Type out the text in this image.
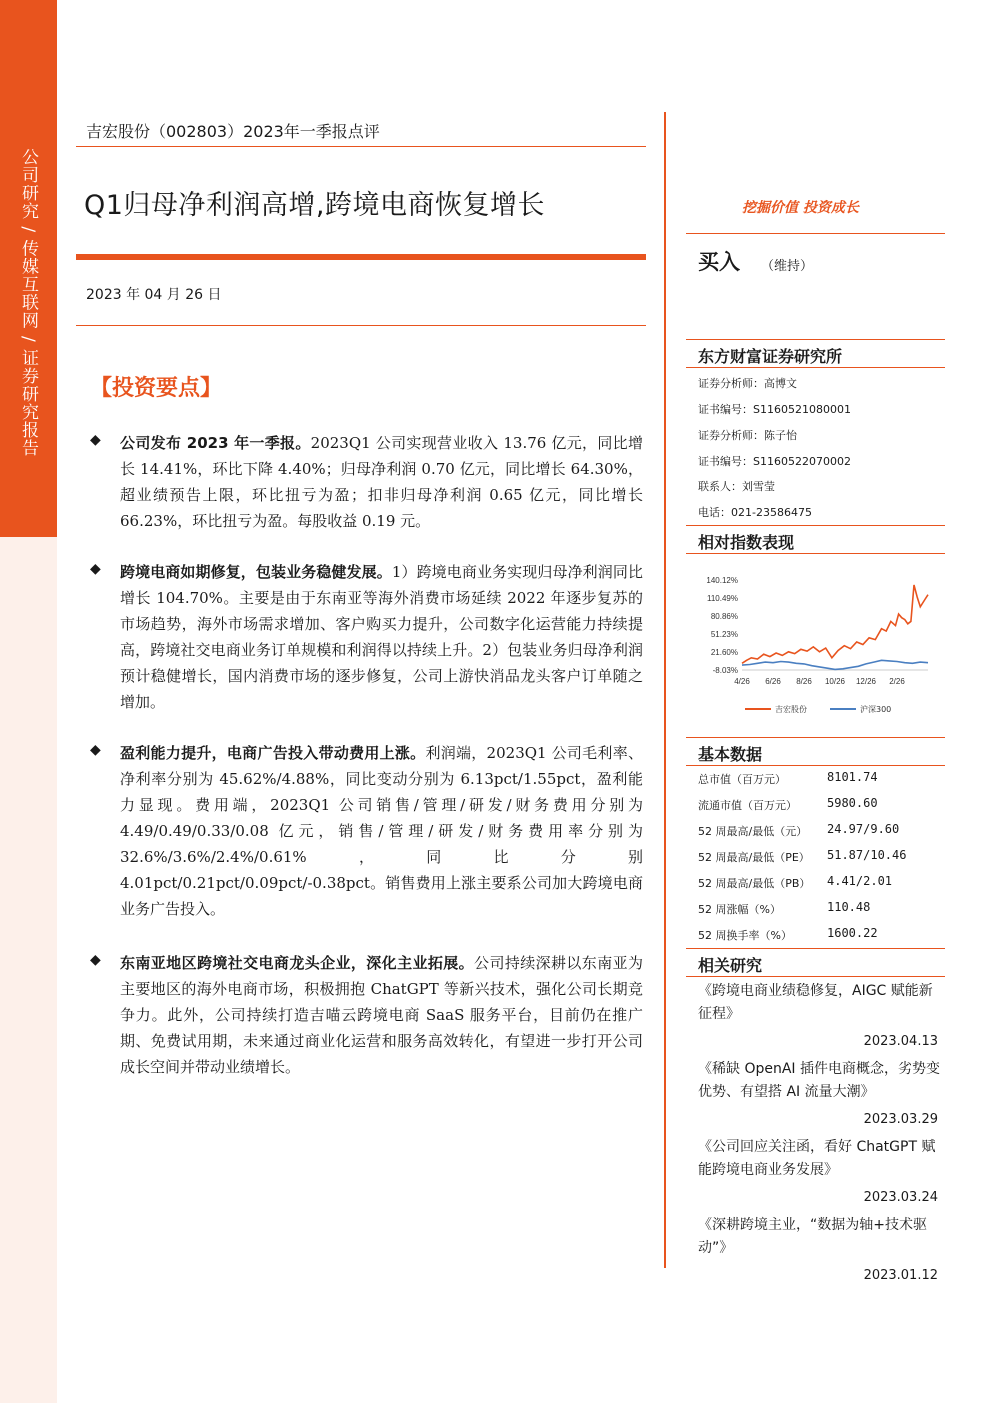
公司研究 / 传媒互联网 / 证券研究报告
吉宏股份（002803）2023年一季报点评
Q1归母净利润高增,跨境电商恢复增长
2023 年 04 月 26 日
【投资要点】
◆ 公司发布 2023 年一季报。2023Q1 公司实现营业收入 13.76 亿元，同比增长 14.41%，环比下降 4.40%；归母净利润 0.70 亿元，同比增长 64.30%，超业绩预告上限，环比扭亏为盈；扣非归母净利润 0.65 亿元，同比增长 66.23%，环比扭亏为盈。每股收益 0.19 元。
◆ 跨境电商如期修复，包装业务稳健发展。1）跨境电商业务实现归母净利润同比增长 104.70%。主要是由于东南亚等海外消费市场延续 2022 年逐步复苏的市场趋势，海外市场需求增加、客户购买力提升，公司数字化运营能力持续提高，跨境社交电商业务订单规模和利润得以持续上升。2）包装业务归母净利润预计稳健增长，国内消费市场的逐步修复，公司上游快消品龙头客户订单随之增加。
◆ 盈利能力提升，电商广告投入带动费用上涨。利润端，2023Q1 公司毛利率、净利率分别为 45.62%/4.88%，同比变动分别为 6.13pct/1.55pct，盈利能力显现。费用端，2023Q1 公司销售/管理/研发/财务费用分别为 4.49/0.49/0.33/0.08 亿元，销售/管理/研发/财务费用率分别为 32.6%/3.6%/2.4%/0.61%，同比分别 4.01pct/0.21pct/0.09pct/-0.38pct。销售费用上涨主要系公司加大跨境电商业务广告投入。
◆ 东南亚地区跨境社交电商龙头企业，深化主业拓展。公司持续深耕以东南亚为主要地区的海外电商市场，积极拥抱 ChatGPT 等新兴技术，强化公司长期竞争力。此外，公司持续打造吉喵云跨境电商 SaaS 服务平台，目前仍在推广期、免费试用期，未来通过商业化运营和服务高效转化，有望进一步打开公司成长空间并带动业绩增长。
挖掘价值 投资成长
买入 （维持）
东方财富证券研究所
证券分析师：高博文
证书编号：S1160521080001
证券分析师：陈子怡
证书编号：S1160522070002
联系人：刘雪莹
电话：021-23586475
相对指数表现
140.12%
110.49%
80.86%
51.23%
21.60%
-8.03%
4/26 6/26 8/26 10/26 12/26 2/26
吉宏股份	沪深300
基本数据
总市值（百万元）	8101.74
流通市值（百万元）	5980.60
52 周最高/最低（元） 24.97/9.60
52 周最高/最低（PE） 51.87/10.46
52 周最高/最低（PB） 4.41/2.01
52 周涨幅（%）	110.48
52 周换手率（%）	1600.22
相关研究
《跨境电商业绩稳修复，AIGC 赋能新征程》
2023.04.13
《稀缺 OpenAI 插件电商概念，劣势变优势、有望搭 AI 流量大潮》
2023.03.29
《公司回应关注函，看好 ChatGPT 赋能跨境电商业务发展》
2023.03.24
《深耕跨境主业，“数据为轴+技术驱动”》
2023.01.12
